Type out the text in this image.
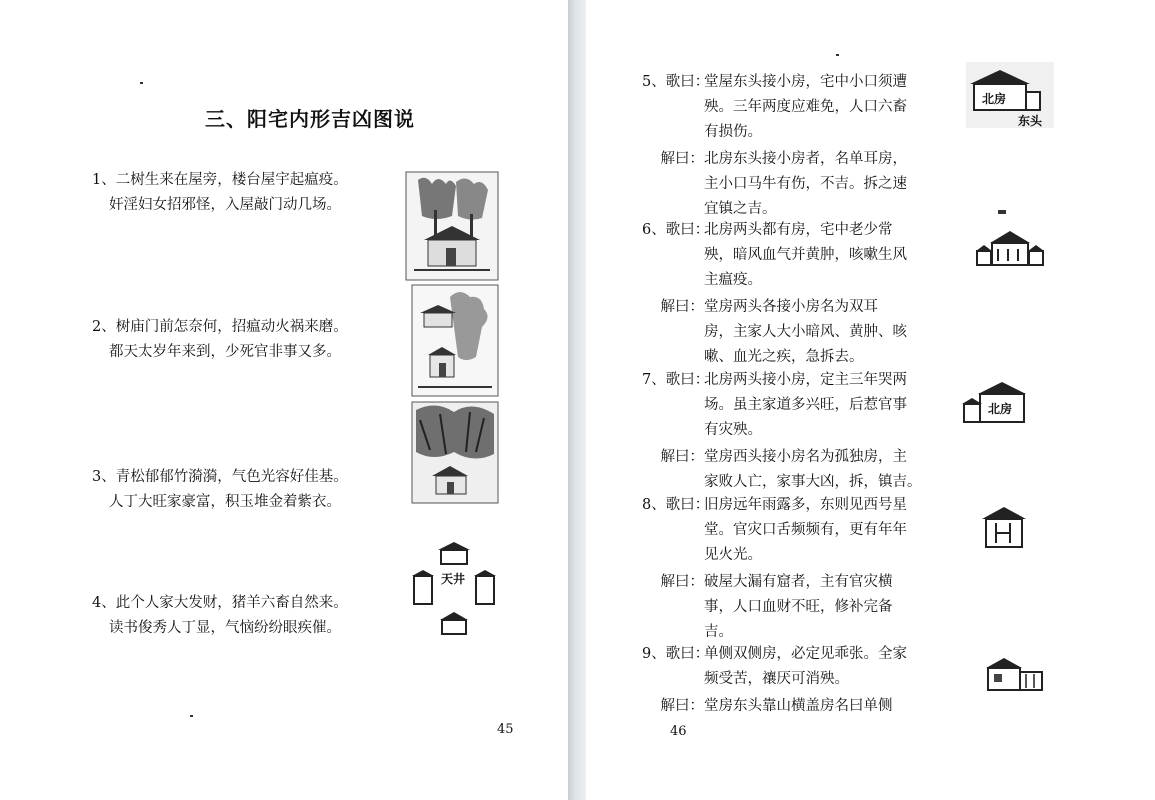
三、阳宅内形吉凶图说
1、二树生来在屋旁，楼台屋宇起瘟疫。
奸淫妇女招邪怪，入屋敲门动几场。
2、树庙门前怎奈何，招瘟动火祸来磨。
都天太岁年来到，少死官非事又多。
3、青松郁郁竹漪漪，气色光容好佳基。
人丁大旺家豪富，积玉堆金着紫衣。
4、此个人家大发财，猪羊六畜自然来。
读书俊秀人丁显，气恼纷纷眼疾催。
天井
45
5、歌曰：
堂屋东头接小房，宅中小口须遭
殃。三年两度应难免，人口六畜
有损伤。
解曰： 北房东头接小房者，名单耳房，
主小口马牛有伤，不吉。拆之速
宜镇之吉。
6、歌曰：
北房两头都有房，宅中老少常
殃，暗风血气并黄肿，咳嗽生风
主瘟疫。
解曰： 堂房两头各接小房名为双耳
房，主家人大小暗风、黄肿、咳
嗽、血光之疾，急拆去。
7、歌曰：
北房两头接小房，定主三年哭两
场。虽主家道多兴旺，后惹官事
有灾殃。
解曰： 堂房西头接小房名为孤独房，主
家败人亡，家事大凶，拆，镇吉。
8、歌曰：
旧房远年雨露多，东则见西号星
堂。官灾口舌频频有，更有年年
见火光。
解曰： 破屋大漏有窟者，主有官灾横
事，人口血财不旺，修补完备
吉。
9、歌曰：
单侧双侧房，必定见乖张。全家
频受苦，禳厌可消殃。
解曰： 堂房东头靠山横盖房名曰单侧
北房
东头
北房
46
